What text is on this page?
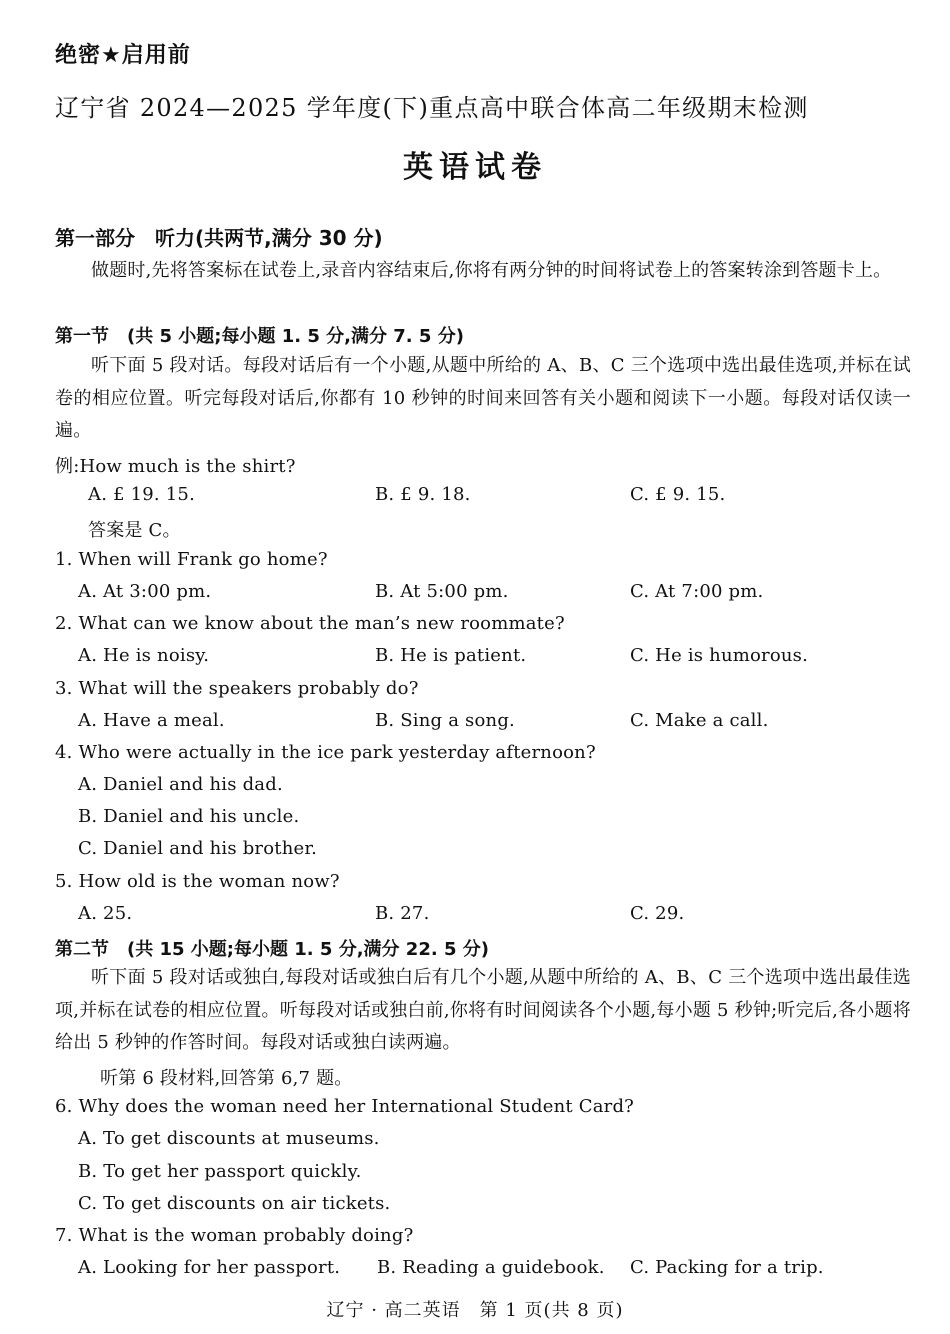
绝密★启用前
辽宁省 2024—2025 学年度(下)重点高中联合体高二年级期末检测
英语试卷
第一部分　听力(共两节,满分 30 分)
做题时,先将答案标在试卷上,录音内容结束后,你将有两分钟的时间将试卷上的答案转涂到答题卡上。
第一节　(共 5 小题;每小题 1. 5 分,满分 7. 5 分)
听下面 5 段对话。每段对话后有一个小题,从题中所给的 A、B、C 三个选项中选出最佳选项,并标在试卷的相应位置。听完每段对话后,你都有 10 秒钟的时间来回答有关小题和阅读下一小题。每段对话仅读一遍。
例:How much is the shirt?
A. £ 19. 15.	B. £ 9. 18.	C. £ 9. 15.
答案是 C。
1. When will Frank go home?
A. At 3:00 pm.	B. At 5:00 pm.	C. At 7:00 pm.
2. What can we know about the man’s new roommate?
A. He is noisy.	B. He is patient.	C. He is humorous.
3. What will the speakers probably do?
A. Have a meal.	B. Sing a song.	C. Make a call.
4. Who were actually in the ice park yesterday afternoon?
A. Daniel and his dad.
B. Daniel and his uncle.
C. Daniel and his brother.
5. How old is the woman now?
A. 25.	B. 27.	C. 29.
第二节　(共 15 小题;每小题 1. 5 分,满分 22. 5 分)
听下面 5 段对话或独白,每段对话或独白后有几个小题,从题中所给的 A、B、C 三个选项中选出最佳选项,并标在试卷的相应位置。听每段对话或独白前,你将有时间阅读各个小题,每小题 5 秒钟;听完后,各小题将给出 5 秒钟的作答时间。每段对话或独白读两遍。
听第 6 段材料,回答第 6,7 题。
6. Why does the woman need her International Student Card?
A. To get discounts at museums.
B. To get her passport quickly.
C. To get discounts on air tickets.
7. What is the woman probably doing?
A. Looking for her passport. B. Reading a guidebook. C. Packing for a trip.
辽宁 · 高二英语　第 1 页(共 8 页)
